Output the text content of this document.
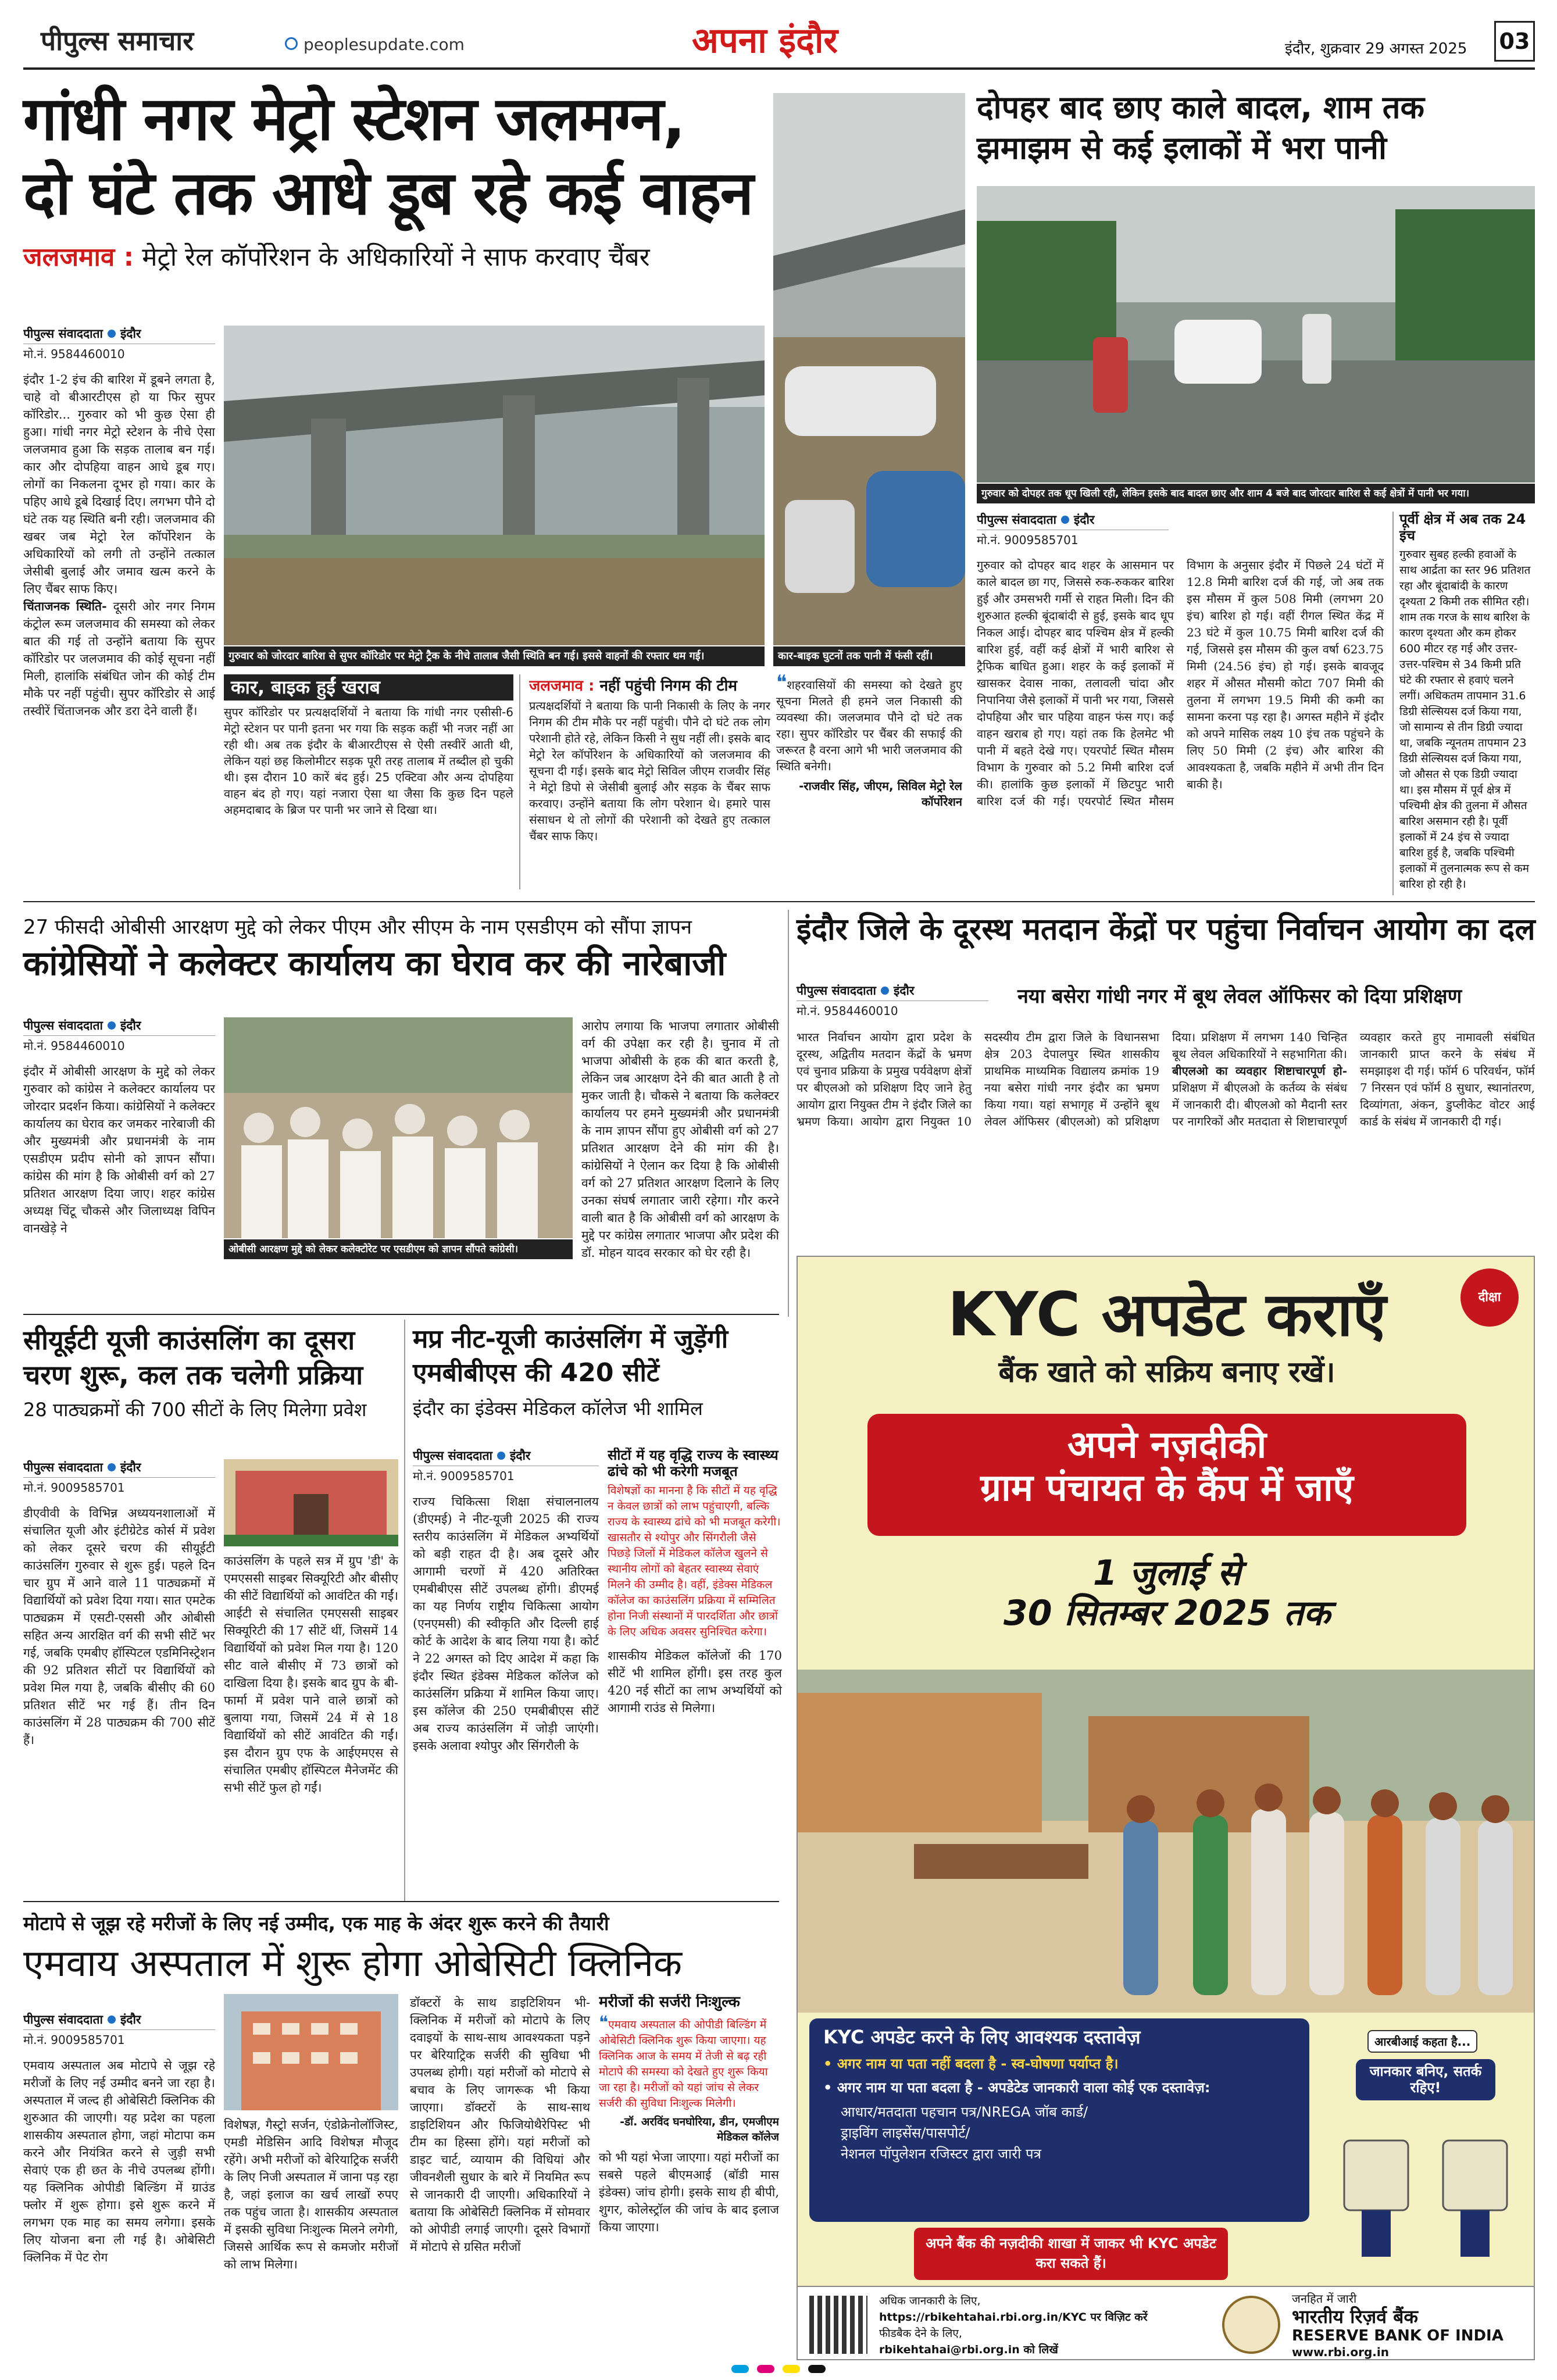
पीपुल्स समाचार	peoplesupdate.com	अपना इंदौर	इंदौर, शुक्रवार 29 अगस्त 2025 03
गांधी नगर मेट्रो स्टेशन जलमग्न,
दो घंटे तक आधे डूब रहे कई वाहन
जलजमाव : मेट्रो रेल कॉर्पोरेशन के अधिकारियों ने साफ करवाए चैंबर
पीपुल्स संवाददाता इंदौर
मो.नं. 9584460010
इंदौर 1-2 इंच की बारिश में डूबने लगता है, चाहे वो बीआरटीएस हो या फिर सुपर कॉरिडोर... गुरुवार को भी कुछ ऐसा ही हुआ। गांधी नगर मेट्रो स्टेशन के नीचे ऐसा जलजमाव हुआ कि सड़क तालाब बन गई। कार और दोपहिया वाहन आधे डूब गए। लोगों का निकलना दूभर हो गया। कार के पहिए आधे डूबे दिखाई दिए। लगभग पौने दो घंटे तक यह स्थिति बनी रही। जलजमाव की खबर जब मेट्रो रेल कॉर्पोरेशन के अधिकारियों को लगी तो उन्होंने तत्काल जेसीबी बुलाई और जमाव खत्म करने के लिए चैंबर साफ किए।
चिंताजनक स्थिति- दूसरी ओर नगर निगम कंट्रोल रूम जलजमाव की समस्या को लेकर बात की गई तो उन्होंने बताया कि सुपर कॉरिडोर पर जलजमाव की कोई सूचना नहीं मिली, हालांकि संबंधित जोन की कोई टीम मौके पर नहीं पहुंची। सुपर कॉरिडोर से आई तस्वीरें चिंताजनक और डरा देने वाली हैं।
गुरुवार को जोरदार बारिश से सुपर कॉरिडोर पर मेट्रो ट्रैक के नीचे तालाब जैसी स्थिति बन गई। इससे वाहनों की रफ्तार थम गई।	कार-बाइक घुटनों तक पानी में फंसी रहीं।
कार, बाइक हुईं खराब
सुपर कॉरिडोर पर प्रत्यक्षदर्शियों ने बताया कि गांधी नगर एसीसी-6 मेट्रो स्टेशन पर पानी इतना भर गया कि सड़क कहीं भी नजर नहीं आ रही थी। अब तक इंदौर के बीआरटीएस से ऐसी तस्वीरें आती थी, लेकिन यहां छह किलोमीटर सड़क पूरी तरह तालाब में तब्दील हो चुकी थी। इस दौरान 10 कारें बंद हुई। 25 एक्टिवा और अन्य दोपहिया वाहन बंद हो गए। यहां नजारा ऐसा था जैसा कि कुछ दिन पहले अहमदाबाद के ब्रिज पर पानी भर जाने से दिखा था।
जलजमाव : नहीं पहुंची निगम की टीम
प्रत्यक्षदर्शियों ने बताया कि पानी निकासी के लिए के नगर निगम की टीम मौके पर नहीं पहुंची। पौने दो घंटे तक लोग परेशानी होते रहे, लेकिन किसी ने सुध नहीं ली। इसके बाद मेट्रो रेल कॉर्पोरेशन के अधिकारियों को जलजमाव की सूचना दी गई। इसके बाद मेट्रो सिविल जीएम राजवीर सिंह ने मेट्रो डिपो से जेसीबी बुलाई और सड़क के चैंबर साफ करवाए। उन्होंने बताया कि लोग परेशान थे। हमारे पास संसाधन थे तो लोगों की परेशानी को देखते हुए तत्काल चैंबर साफ किए।
❝शहरवासियों की समस्या को देखते हुए सूचना मिलते ही हमने जल निकासी की व्यवस्था की। जलजमाव पौने दो घंटे तक रहा। सुपर कॉरिडोर पर चैंबर की सफाई की जरूरत है वरना आगे भी भारी जलजमाव की स्थिति बनेगी।
-राजवीर सिंह, जीएम, सिविल मेट्रो रेल कॉर्पोरेशन
दोपहर बाद छाए काले बादल, शाम तक
झमाझम से कई इलाकों में भरा पानी
गुरुवार को दोपहर तक धूप खिली रही, लेकिन इसके बाद बादल छाए और शाम 4 बजे बाद जोरदार बारिश से कई क्षेत्रों में पानी भर गया।
पीपुल्स संवाददाता इंदौर
मो.नं. 9009585701
गुरुवार को दोपहर बाद शहर के आसमान पर काले बादल छा गए, जिससे रुक-रुककर बारिश हुई और उमसभरी गर्मी से राहत मिली। दिन की शुरुआत हल्की बूंदाबांदी से हुई, इसके बाद धूप निकल आई। दोपहर बाद पश्चिम क्षेत्र में हल्की बारिश हुई, वहीं कई क्षेत्रों में भारी बारिश से ट्रैफिक बाधित हुआ। शहर के कई इलाकों में खासकर देवास नाका, तलावली चांदा और निपानिया जैसे इलाकों में पानी भर गया, जिससे दोपहिया और चार पहिया वाहन फंस गए। कई वाहन खराब हो गए। यहां तक कि हेलमेट भी पानी में बहते देखे गए। एयरपोर्ट स्थित मौसम विभाग के गुरुवार को 5.2 मिमी बारिश दर्ज की। हालांकि कुछ इलाकों में छिटपुट भारी बारिश दर्ज की गई। एयरपोर्ट स्थित मौसम विभाग के अनुसार इंदौर में पिछले 24 घंटों में 12.8 मिमी बारिश दर्ज की गई, जो अब तक इस मौसम में कुल 508 मिमी (लगभग 20 इंच) बारिश हो गई। वहीं रीगल स्थित केंद्र में 23 घंटे में कुल 10.75 मिमी बारिश दर्ज की गई, जिससे इस मौसम की कुल वर्षा 623.75 मिमी (24.56 इंच) हो गई। इसके बावजूद शहर में औसत मौसमी कोटा 707 मिमी की तुलना में लगभग 19.5 मिमी की कमी का सामना करना पड़ रहा है। अगस्त महीने में इंदौर को अपने मासिक लक्ष्य 10 इंच तक पहुंचने के लिए 50 मिमी (2 इंच) और बारिश की आवश्यकता है, जबकि महीने में अभी तीन दिन बाकी है।
पूर्वी क्षेत्र में अब तक 24 इंच
गुरुवार सुबह हल्की हवाओं के साथ आर्द्रता का स्तर 96 प्रतिशत रहा और बूंदाबांदी के कारण दृश्यता 2 किमी तक सीमित रही। शाम तक गरज के साथ बारिश के कारण दृश्यता और कम होकर 600 मीटर रह गई और उत्तर-उत्तर-पश्चिम से 34 किमी प्रति घंटे की रफ्तार से हवाएं चलने लगीं। अधिकतम तापमान 31.6 डिग्री सेल्सियस दर्ज किया गया, जो सामान्य से तीन डिग्री ज्यादा था, जबकि न्यूनतम तापमान 23 डिग्री सेल्सियस दर्ज किया गया, जो औसत से एक डिग्री ज्यादा था। इस मौसम में पूर्व क्षेत्र में पश्चिमी क्षेत्र की तुलना में औसत बारिश असमान रही है। पूर्वी इलाकों में 24 इंच से ज्यादा बारिश हुई है, जबकि पश्चिमी इलाकों में तुलनात्मक रूप से कम बारिश हो रही है।
27 फीसदी ओबीसी आरक्षण मुद्दे को लेकर पीएम और सीएम के नाम एसडीएम को सौंपा ज्ञापन
कांग्रेसियों ने कलेक्टर कार्यालय का घेराव कर की नारेबाजी
पीपुल्स संवाददाता इंदौर
मो.नं. 9584460010
इंदौर में ओबीसी आरक्षण के मुद्दे को लेकर गुरुवार को कांग्रेस ने कलेक्टर कार्यालय पर जोरदार प्रदर्शन किया। कांग्रेसियों ने कलेक्टर कार्यालय का घेराव कर जमकर नारेबाजी की और मुख्यमंत्री और प्रधानमंत्री के नाम एसडीएम प्रदीप सोनी को ज्ञापन सौंपा। कांग्रेस की मांग है कि ओबीसी वर्ग को 27 प्रतिशत आरक्षण दिया जाए। शहर कांग्रेस अध्यक्ष चिंटू चौकसे और जिलाध्यक्ष विपिन वानखेड़े ने
ओबीसी आरक्षण मुद्दे को लेकर कलेक्टोरेट पर एसडीएम को ज्ञापन सौंपते कांग्रेसी।
आरोप लगाया कि भाजपा लगातार ओबीसी वर्ग की उपेक्षा कर रही है। चुनाव में तो भाजपा ओबीसी के हक की बात करती है, लेकिन जब आरक्षण देने की बात आती है तो मुकर जाती है। चौकसे ने बताया कि कलेक्टर कार्यालय पर हमने मुख्यमंत्री और प्रधानमंत्री के नाम ज्ञापन सौंपा हुए ओबीसी वर्ग को 27 प्रतिशत आरक्षण देने की मांग की है। कांग्रेसियों ने ऐलान कर दिया है कि ओबीसी वर्ग को 27 प्रतिशत आरक्षण दिलाने के लिए उनका संघर्ष लगातार जारी रहेगा। गौर करने वाली बात है कि ओबीसी वर्ग को आरक्षण के मुद्दे पर कांग्रेस लगातार भाजपा और प्रदेश की डॉ. मोहन यादव सरकार को घेर रही है।
इंदौर जिले के दूरस्थ मतदान केंद्रों पर पहुंचा निर्वाचन आयोग का दल
पीपुल्स संवाददाता इंदौर
मो.नं. 9584460010
नया बसेरा गांधी नगर में बूथ लेवल ऑफिसर को दिया प्रशिक्षण
भारत निर्वाचन आयोग द्वारा प्रदेश के दूरस्थ, अद्वितीय मतदान केंद्रों के भ्रमण एवं चुनाव प्रक्रिया के प्रमुख पर्यवेक्षण क्षेत्रों पर बीएलओ को प्रशिक्षण दिए जाने हेतु आयोग द्वारा नियुक्त टीम ने इंदौर जिले का भ्रमण किया। आयोग द्वारा नियुक्त 10 सदस्यीय टीम द्वारा जिले के विधानसभा क्षेत्र 203 देपालपुर स्थित शासकीय प्राथमिक माध्यमिक विद्यालय क्रमांक 19 नया बसेरा गांधी नगर इंदौर का भ्रमण किया गया। यहां सभागृह में उन्होंने बूथ लेवल ऑफिसर (बीएलओ) को प्रशिक्षण दिया। प्रशिक्षण में लगभग 140 चिन्हित बूथ लेवल अधिकारियों ने सहभागिता की। बीएलओ का व्यवहार शिष्टाचारपूर्ण हो- प्रशिक्षण में बीएलओ के कर्तव्य के संबंध में जानकारी दी। बीएलओ को मैदानी स्तर पर नागरिकों और मतदाता से शिष्टाचारपूर्ण व्यवहार करते हुए नामावली संबंधित जानकारी प्राप्त करने के संबंध में समझाइश दी गई। फॉर्म 6 परिवर्धन, फॉर्म 7 निरसन एवं फॉर्म 8 सुधार, स्थानांतरण, दिव्यांगता, अंकन, डुप्लीकेट वोटर आई कार्ड के संबंध में जानकारी दी गई।
सीयूईटी यूजी काउंसलिंग का दूसरा चरण शुरू, कल तक चलेगी प्रक्रिया
28 पाठ्यक्रमों की 700 सीटों के लिए मिलेगा प्रवेश
पीपुल्स संवाददाता इंदौर
मो.नं. 9009585701
डीएवीवी के विभिन्न अध्ययनशालाओं में संचालित यूजी और इंटीग्रेटेड कोर्स में प्रवेश को लेकर दूसरे चरण की सीयूईटी काउंसलिंग गुरुवार से शुरू हुई। पहले दिन चार ग्रुप में आने वाले 11 पाठ्यक्रमों में विद्यार्थियों को प्रवेश दिया गया। सात एमटेक पाठ्यक्रम में एसटी-एससी और ओबीसी सहित अन्य आरक्षित वर्ग की सभी सीटें भर गई, जबकि एमबीए हॉस्पिटल एडमिनिस्ट्रेशन की 92 प्रतिशत सीटों पर विद्यार्थियों को प्रवेश मिल गया है, जबकि बीसीए की 60 प्रतिशत सीटें भर गई हैं। तीन दिन काउंसलिंग में 28 पाठ्यक्रम की 700 सीटें हैं।
काउंसलिंग के पहले सत्र में ग्रुप 'डी' के एमएससी साइबर सिक्यूरिटी और बीसीए की सीटें विद्यार्थियों को आवंटित की गईं। आईटी से संचालित एमएससी साइबर सिक्यूरिटी की 17 सीटें थीं, जिसमें 14 विद्यार्थियों को प्रवेश मिल गया है। 120 सीट वाले बीसीए में 73 छात्रों को दाखिला दिया है। इसके बाद ग्रुप के बी-फार्मा में प्रवेश पाने वाले छात्रों को बुलाया गया, जिसमें 24 में से 18 विद्यार्थियों को सीटें आवंटित की गईं। इस दौरान ग्रुप एफ के आईएमएस से संचालित एमबीए हॉस्पिटल मैनेजमेंट की सभी सीटें फुल हो गईं।
मप्र नीट-यूजी काउंसलिंग में जुड़ेंगी एमबीबीएस की 420 सीटें
इंदौर का इंडेक्स मेडिकल कॉलेज भी शामिल
पीपुल्स संवाददाता इंदौर
मो.नं. 9009585701
राज्य चिकित्सा शिक्षा संचालनालय (डीएमई) ने नीट-यूजी 2025 की राज्य स्तरीय काउंसलिंग में मेडिकल अभ्यर्थियों को बड़ी राहत दी है। अब दूसरे और आगामी चरणों में 420 अतिरिक्त एमबीबीएस सीटें उपलब्ध होंगी। डीएमई का यह निर्णय राष्ट्रीय चिकित्सा आयोग (एनएमसी) की स्वीकृति और दिल्ली हाई कोर्ट के आदेश के बाद लिया गया है। कोर्ट ने 22 अगस्त को दिए आदेश में कहा कि इंदौर स्थित इंडेक्स मेडिकल कॉलेज को काउंसलिंग प्रक्रिया में शामिल किया जाए। इस कॉलेज की 250 एमबीबीएस सीटें अब राज्य काउंसलिंग में जोड़ी जाएंगी। इसके अलावा श्योपुर और सिंगरौली के
सीटों में यह वृद्धि राज्य के स्वास्थ्य ढांचे को भी करेगी मजबूत
विशेषज्ञों का मानना है कि सीटों में यह वृद्धि न केवल छात्रों को लाभ पहुंचाएगी, बल्कि राज्य के स्वास्थ्य ढांचे को भी मजबूत करेगी। खासतौर से श्योपुर और सिंगरौली जैसे पिछड़े जिलों में मेडिकल कॉलेज खुलने से स्थानीय लोगों को बेहतर स्वास्थ्य सेवाएं मिलने की उम्मीद है। वहीं, इंडेक्स मेडिकल कॉलेज का काउंसलिंग प्रक्रिया में सम्मिलित होना निजी संस्थानों में पारदर्शिता और छात्रों के लिए अधिक अवसर सुनिश्चित करेगा।
शासकीय मेडिकल कॉलेजों की 170 सीटें भी शामिल होंगी। इस तरह कुल 420 नई सीटों का लाभ अभ्यर्थियों को आगामी राउंड से मिलेगा।
मोटापे से जूझ रहे मरीजों के लिए नई उम्मीद, एक माह के अंदर शुरू करने की तैयारी
एमवाय अस्पताल में शुरू होगा ओबेसिटी क्लिनिक
पीपुल्स संवाददाता इंदौर
मो.नं. 9009585701
एमवाय अस्पताल अब मोटापे से जूझ रहे मरीजों के लिए नई उम्मीद बनने जा रहा है। अस्पताल में जल्द ही ओबेसिटी क्लिनिक की शुरुआत की जाएगी। यह प्रदेश का पहला शासकीय अस्पताल होगा, जहां मोटापा कम करने और नियंत्रित करने से जुड़ी सभी सेवाएं एक ही छत के नीचे उपलब्ध होंगी। यह क्लिनिक ओपीडी बिल्डिंग में ग्राउंड फ्लोर में शुरू होगा। इसे शुरू करने में लगभग एक माह का समय लगेगा। इसके लिए योजना बना ली गई है। ओबेसिटी क्लिनिक में पेट रोग
विशेषज्ञ, गैस्ट्रो सर्जन, एंडोक्रेनोलॉजिस्ट, एमडी मेडिसिन आदि विशेषज्ञ मौजूद रहेंगे। अभी मरीजों को बेरियाट्रिक सर्जरी के लिए निजी अस्पताल में जाना पड़ रहा है, जहां इलाज का खर्च लाखों रुपए तक पहुंच जाता है। शासकीय अस्पताल में इसकी सुविधा निःशुल्क मिलने लगेगी, जिससे आर्थिक रूप से कमजोर मरीजों को लाभ मिलेगा।
डॉक्टरों के साथ डाइटिशियन भी- क्लिनिक में मरीजों को मोटापे के लिए दवाइयों के साथ-साथ आवश्यकता पड़ने पर बेरियाट्रिक सर्जरी की सुविधा भी उपलब्ध होगी। यहां मरीजों को मोटापे से बचाव के लिए जागरूक भी किया जाएगा। डॉक्टरों के साथ-साथ डाइटिशियन और फिजियोथैरेपिस्ट भी टीम का हिस्सा होंगे। यहां मरीजों को डाइट चार्ट, व्यायाम की विधियां और जीवनशैली सुधार के बारे में नियमित रूप से जानकारी दी जाएगी। अधिकारियों ने बताया कि ओबेसिटी क्लिनिक में सोमवार को ओपीडी लगाई जाएगी। दूसरे विभागों में मोटापे से ग्रसित मरीजों
मरीजों की सर्जरी निःशुल्क
❝एमवाय अस्पताल की ओपीडी बिल्डिंग में ओबेसिटी क्लिनिक शुरू किया जाएगा। यह क्लिनिक आज के समय में तेजी से बढ़ रही मोटापे की समस्या को देखते हुए शुरू किया जा रहा है। मरीजों को यहां जांच से लेकर सर्जरी की सुविधा निःशुल्क मिलेगी।
-डॉ. अरविंद घनघोरिया, डीन, एमजीएम मेडिकल कॉलेज
को भी यहां भेजा जाएगा। यहां मरीजों का सबसे पहले बीएमआई (बॉडी मास इंडेक्स) जांच होगी। इसके साथ ही बीपी, शुगर, कोलेस्ट्रॉल की जांच के बाद इलाज किया जाएगा।
दीक्षा
KYC अपडेट कराएँ
बैंक खाते को सक्रिय बनाए रखें।
अपने नज़दीकी
ग्राम पंचायत के कैंप में जाएँ
1 जुलाई से
30 सितम्बर 2025 तक
KYC अपडेट करने के लिए आवश्यक दस्तावेज़
• अगर नाम या पता नहीं बदला है - स्व-घोषणा पर्याप्त है।
• अगर नाम या पता बदला है - अपडेटेड जानकारी वाला कोई एक दस्तावेज़:
आधार/मतदाता पहचान पत्र/NREGA जॉब कार्ड/
ड्राइविंग लाइसेंस/पासपोर्ट/
नेशनल पॉपुलेशन रजिस्टर द्वारा जारी पत्र
अपने बैंक की नज़दीकी शाखा में जाकर भी KYC अपडेट करा सकते हैं।
आरबीआई कहता है...
जानकार बनिए, सतर्क रहिए!
अधिक जानकारी के लिए,
https://rbikehtahai.rbi.org.in/KYC पर विज़िट करें
फीडबैक देने के लिए,
rbikehtahai@rbi.org.in को लिखें
जनहित में जारी
भारतीय रिज़र्व बैंक
RESERVE BANK OF INDIA
www.rbi.org.in
